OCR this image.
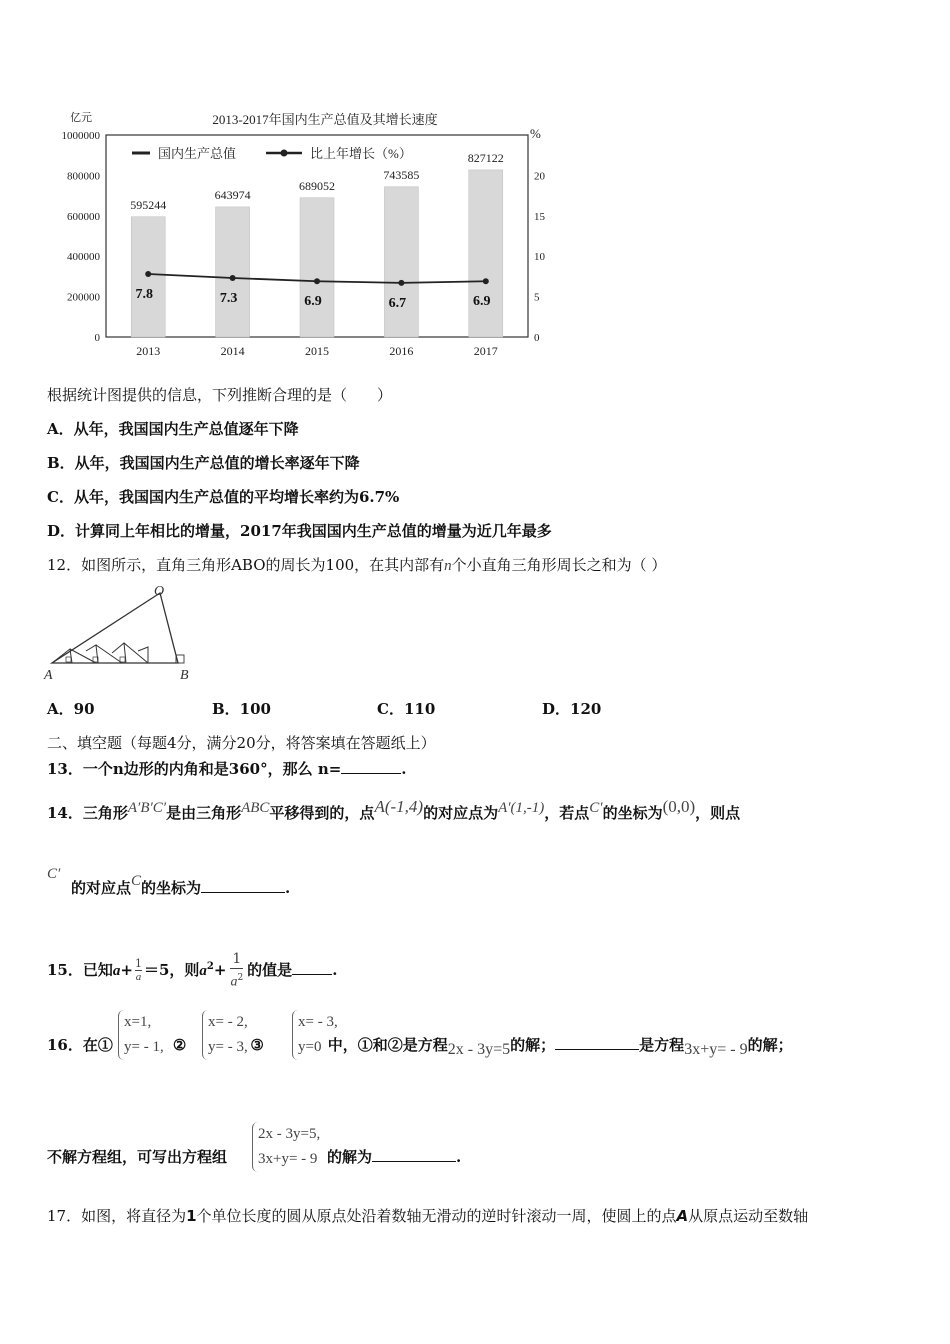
2013-2017年国内生产总值及其增长速度
亿元
%
1000000
800000
600000
400000
200000
0
20
15
10
5
0
595244
643974
689052
743585
827122
7.8	7.3	6.9	6.7	6.9
2013	2014	2015	2016	2017
国内生产总值	比上年增长（%）
根据统计图提供的信息，下列推断合理的是（　　）
A．从年，我国国内生产总值逐年下降
B．从年，我国国内生产总值的增长率逐年下降
C．从年，我国国内生产总值的平均增长率约为6.7%
D．计算同上年相比的增量，2017年我国国内生产总值的增量为近几年最多
12．如图所示，直角三角形ABO的周长为100，在其内部有n个小直角三角形周长之和为（ ）
O
A	B
A．90	B．100	C．110	D．120
二、填空题（每题4分，满分20分，将答案填在答题纸上）
13．一个n边形的内角和是360°，那么 n=	.
14．三角形A′B′C′是由三角形ABC平移得到的，点A(-1,4)的对应点为A′(1,-1)，若点C′的坐标为(0,0)，则点
C′
的对应点C的坐标为	.
15．已知$a+ \frac{1}{a} =5$，则$a^2+ \frac{1}{a^2}$ 的值是	.
16．在①	②	③	中，①和②是方程2x - 3y=5的解；	是方程3x+y= - 9的解；
x=1,
y= - 1,
x= - 2,
y= - 3,
x= - 3,
y=0
不解方程组，可写出方程组	的解为	.
2x - 3y=5,
3x+y= - 9
17．如图，将直径为1个单位长度的圆从原点处沿着数轴无滑动的逆时针滚动一周，使圆上的点A从原点运动至数轴
